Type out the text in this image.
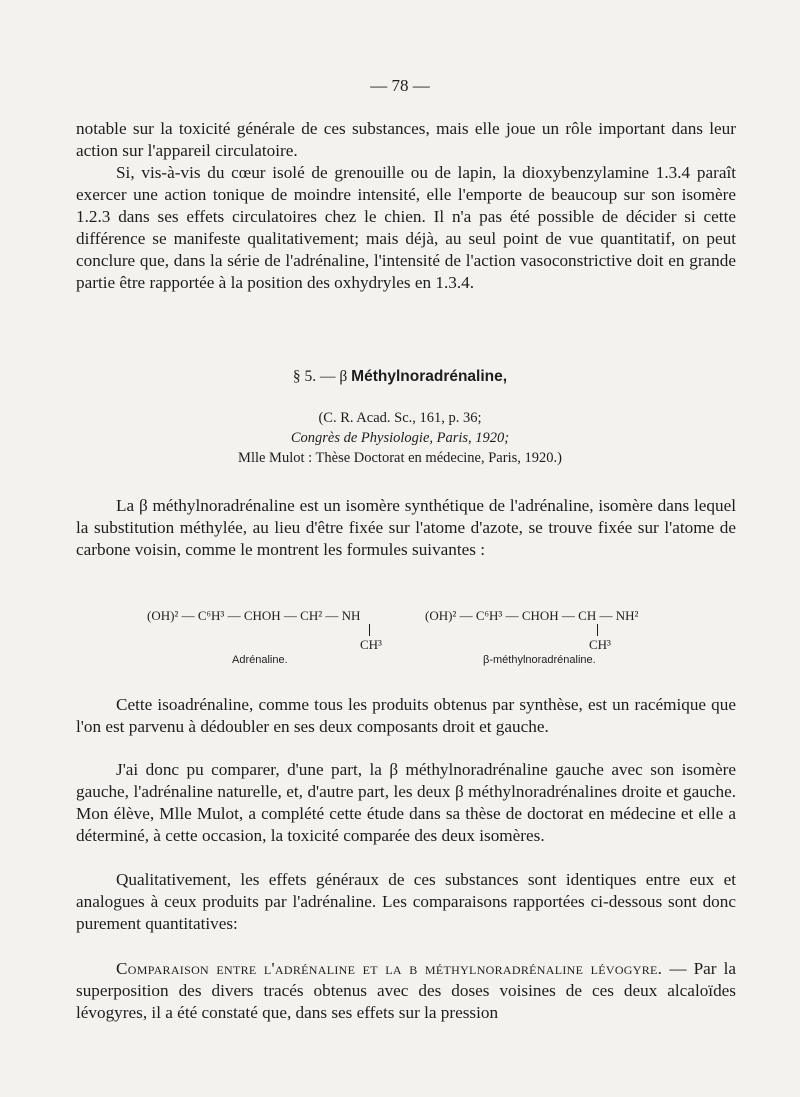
— 78 —

notable sur la toxicité générale de ces substances, mais elle joue un rôle important dans leur action sur l'appareil circulatoire.

Si, vis-à-vis du cœur isolé de grenouille ou de lapin, la dioxybenzylamine 1.3.4 paraît exercer une action tonique de moindre intensité, elle l'emporte de beaucoup sur son isomère 1.2.3 dans ses effets circulatoires chez le chien. Il n'a pas été possible de décider si cette différence se manifeste qualitativement; mais déjà, au seul point de vue quantitatif, on peut conclure que, dans la série de l'adrénaline, l'intensité de l'action vasoconstrictive doit en grande partie être rapportée à la position des oxhydryles en 1.3.4.

§ 5. — β Méthylnoradrénaline,
(C. R. Acad. Sc., 161, p. 36;
Congrès de Physiologie, Paris, 1920;
Mlle Mulot : Thèse Doctorat en médecine, Paris, 1920.)

La β méthylnoradrénaline est un isomère synthétique de l'adrénaline, isomère dans lequel la substitution méthylée, au lieu d'être fixée sur l'atome d'azote, se trouve fixée sur l'atome de carbone voisin, comme le montrent les formules suivantes :

(OH)² — C⁶H³ — CHOH — CH² — NH
CH³
Adrénaline.
(OH)² — C⁶H³ — CHOH — CH — NH²
CH³
β-méthylnoradrénaline.

Cette isoadrénaline, comme tous les produits obtenus par synthèse, est un racémique que l'on est parvenu à dédoubler en ses deux composants droit et gauche.

J'ai donc pu comparer, d'une part, la β méthylnoradrénaline gauche avec son isomère gauche, l'adrénaline naturelle, et, d'autre part, les deux β méthylnoradrénalines droite et gauche. Mon élève, Mlle Mulot, a complété cette étude dans sa thèse de doctorat en médecine et elle a déterminé, à cette occasion, la toxicité comparée des deux isomères.

Qualitativement, les effets généraux de ces substances sont identiques entre eux et analogues à ceux produits par l'adrénaline. Les comparaisons rapportées ci-dessous sont donc purement quantitatives:

Comparaison entre l'adrénaline et la β méthylnoradrénaline lévogyre. — Par la superposition des divers tracés obtenus avec des doses voisines de ces deux alcaloïdes lévogyres, il a été constaté que, dans ses effets sur la pression
